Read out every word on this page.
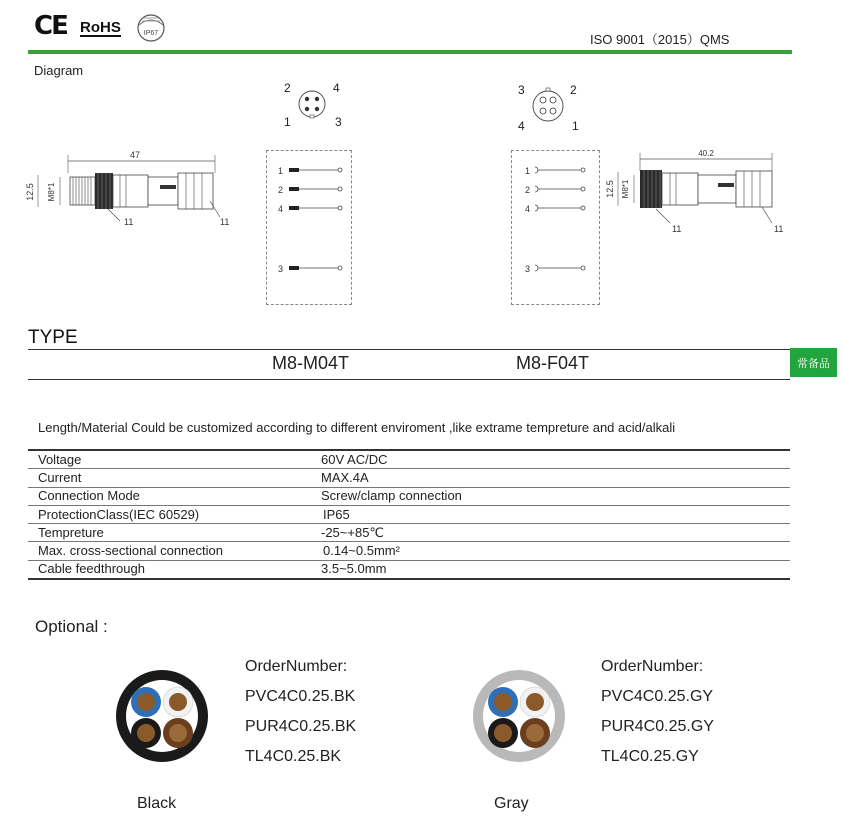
CE RoHS	IP67	ISO 9001（2015）QMS
Diagram
47
12.5 M8*1
11	11
2	4
1	3
1
2
4
3
3	2
4	1
1
2
4
3
40.2
12.5 M8*1
11	11
TYPE
M8-M04T	M8-F04T	常备品
Length/Material Could be customized according to different enviroment ,like extrame tempreture and acid/alkali
Voltage	60V AC/DC
Current	MAX.4A
Connection Mode	Screw/clamp connection
ProtectionClass(IEC 60529)	IP65
Tempreture	-25~+85℃
Max. cross-sectional connection	0.14~0.5mm²
Cable feedthrough	3.5~5.0mm
Optional :
OrderNumber:
PVC4C0.25.BK
PUR4C0.25.BK
TL4C0.25.BK
Black
OrderNumber:
PVC4C0.25.GY
PUR4C0.25.GY
TL4C0.25.GY
Gray
